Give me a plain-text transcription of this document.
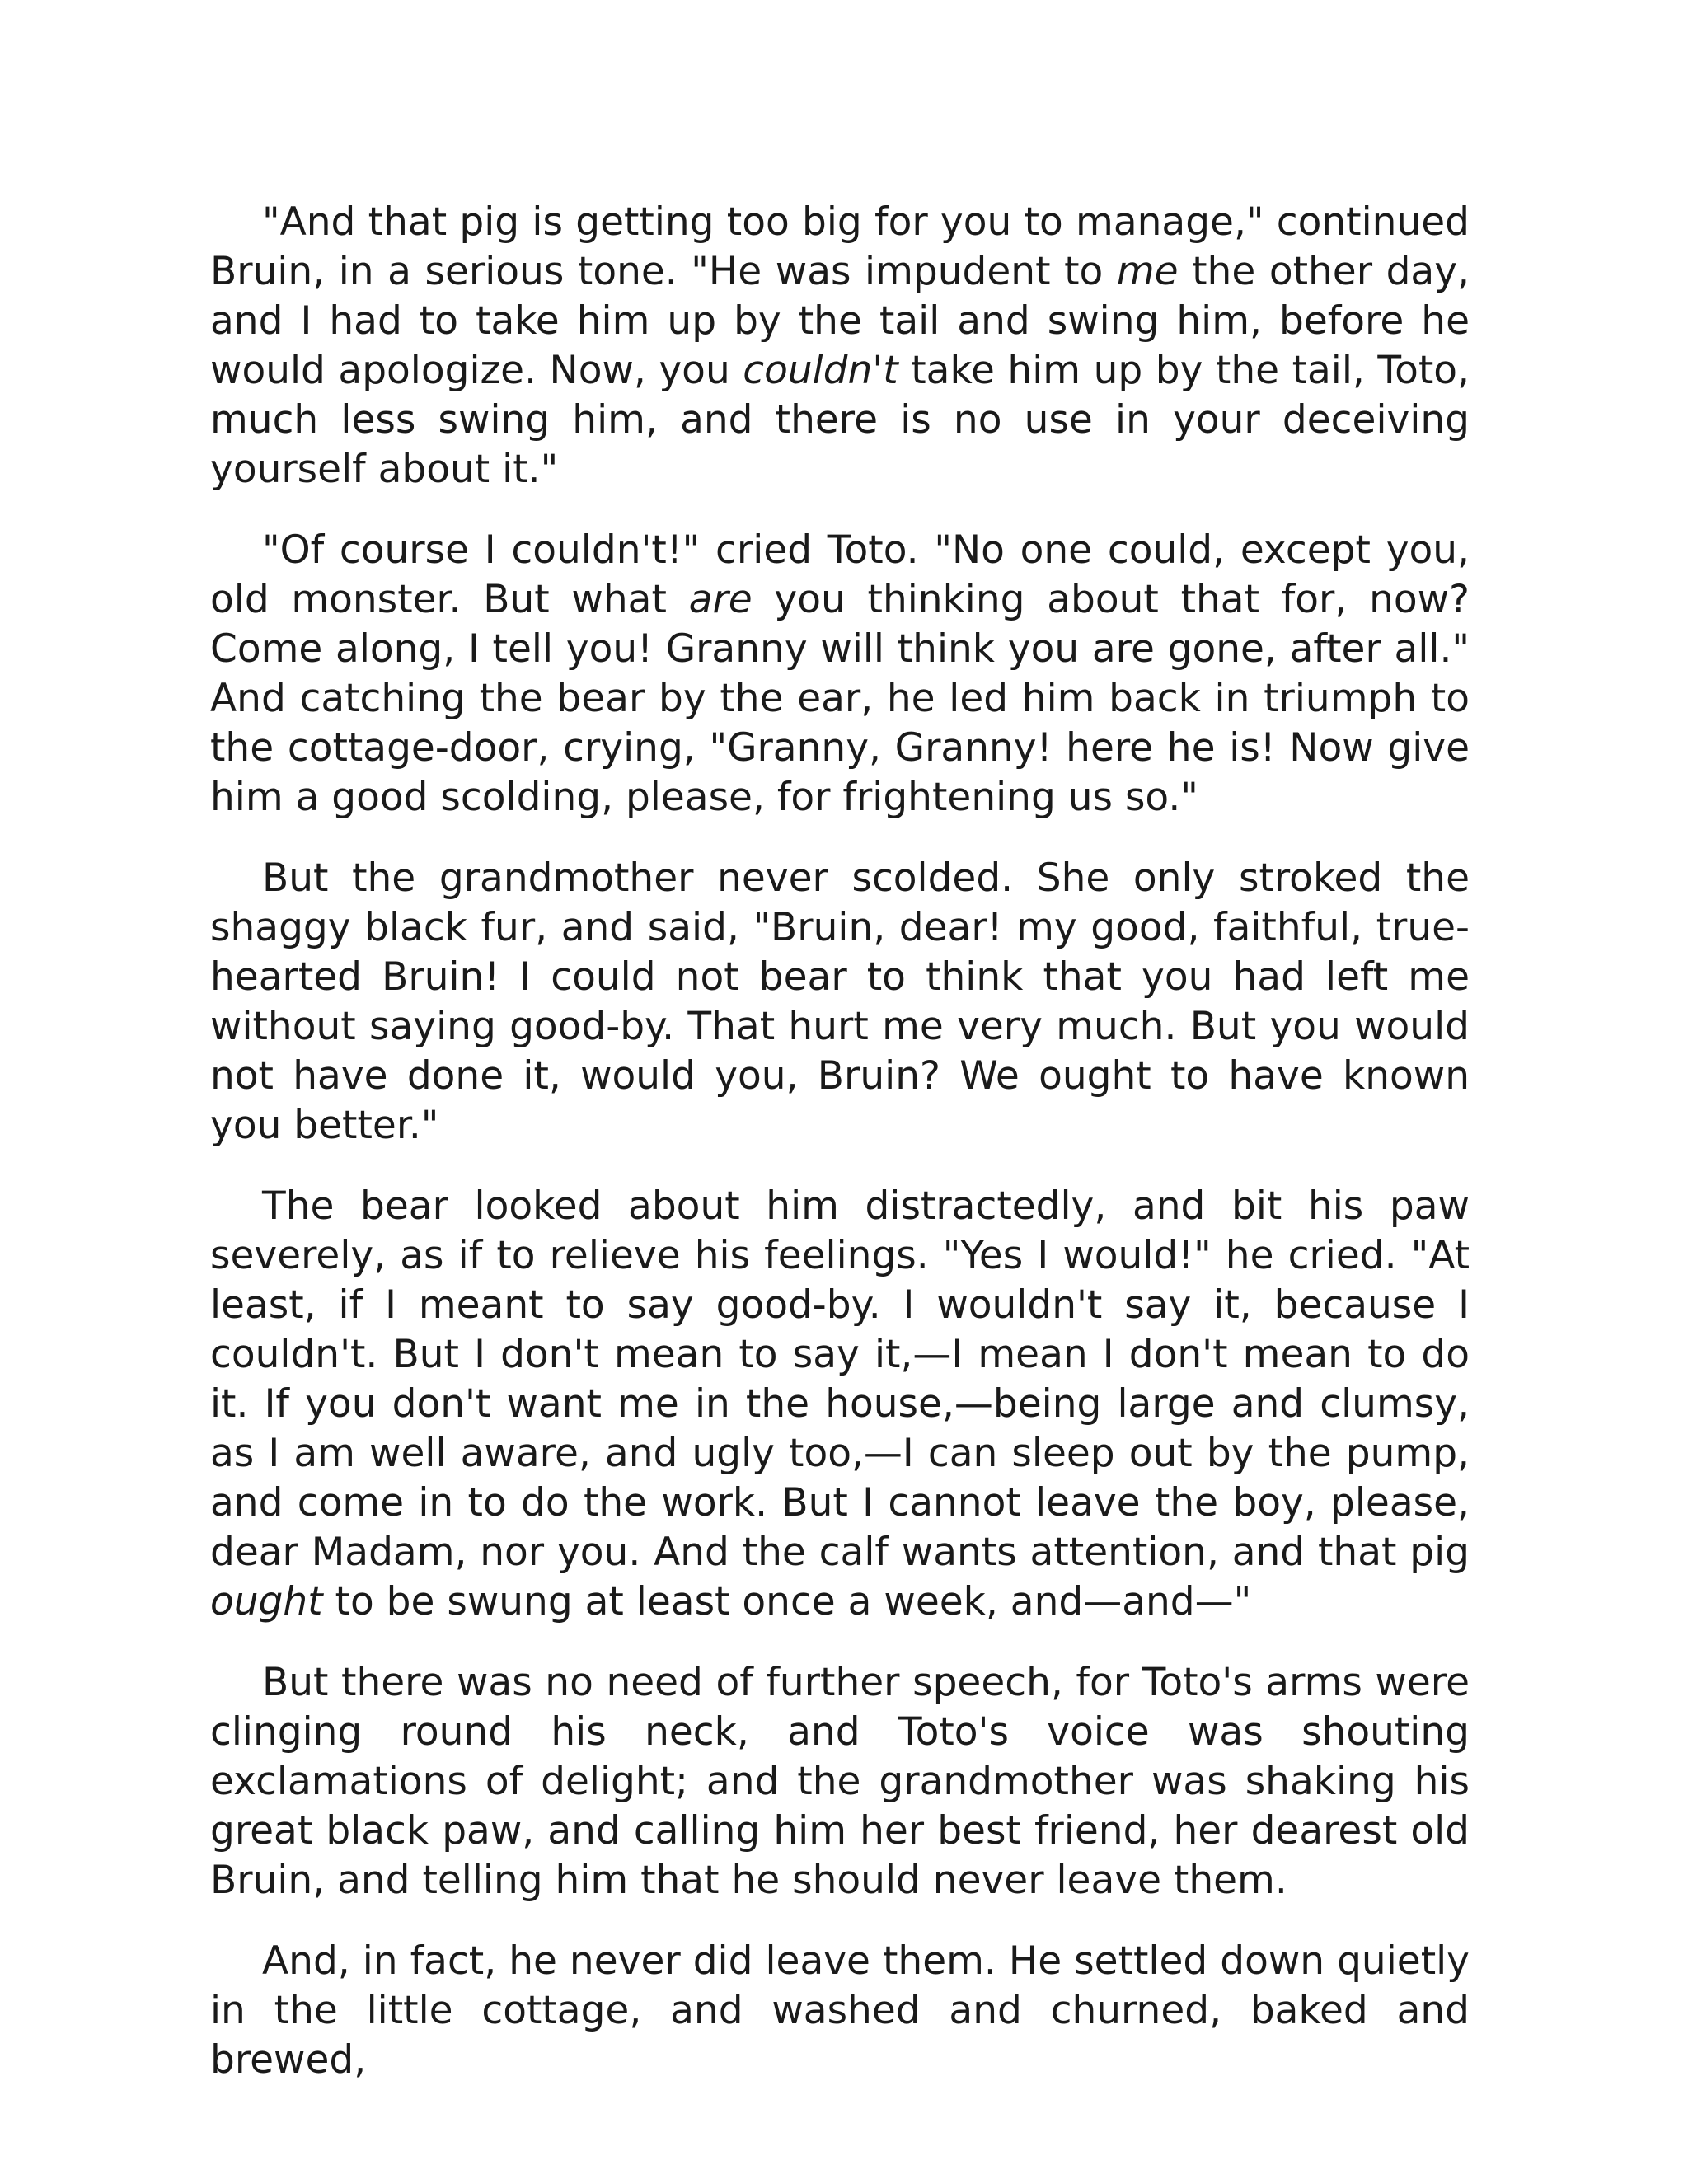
"And that pig is getting too big for you to manage," continued Bruin, in a serious tone. "He was impudent to me the other day, and I had to take him up by the tail and swing him, before he would apologize. Now, you couldn't take him up by the tail, Toto, much less swing him, and there is no use in your deceiving yourself about it."

"Of course I couldn't!" cried Toto. "No one could, except you, old monster. But what are you thinking about that for, now? Come along, I tell you! Granny will think you are gone, after all." And catching the bear by the ear, he led him back in triumph to the cottage-door, crying, "Granny, Granny! here he is! Now give him a good scolding, please, for frightening us so."

But the grandmother never scolded. She only stroked the shaggy black fur, and said, "Bruin, dear! my good, faithful, true-hearted Bruin! I could not bear to think that you had left me without saying good-by. That hurt me very much. But you would not have done it, would you, Bruin? We ought to have known you better."

The bear looked about him distractedly, and bit his paw severely, as if to relieve his feelings. "Yes I would!" he cried. "At least, if I meant to say good-by. I wouldn't say it, because I couldn't. But I don't mean to say it,—I mean I don't mean to do it. If you don't want me in the house,—being large and clumsy, as I am well aware, and ugly too,—I can sleep out by the pump, and come in to do the work. But I cannot leave the boy, please, dear Madam, nor you. And the calf wants attention, and that pig ought to be swung at least once a week, and—and—"

But there was no need of further speech, for Toto's arms were clinging round his neck, and Toto's voice was shouting exclamations of delight; and the grandmother was shaking his great black paw, and calling him her best friend, her dearest old Bruin, and telling him that he should never leave them.

And, in fact, he never did leave them. He settled down quietly in the little cottage, and washed and churned, baked and brewed,
